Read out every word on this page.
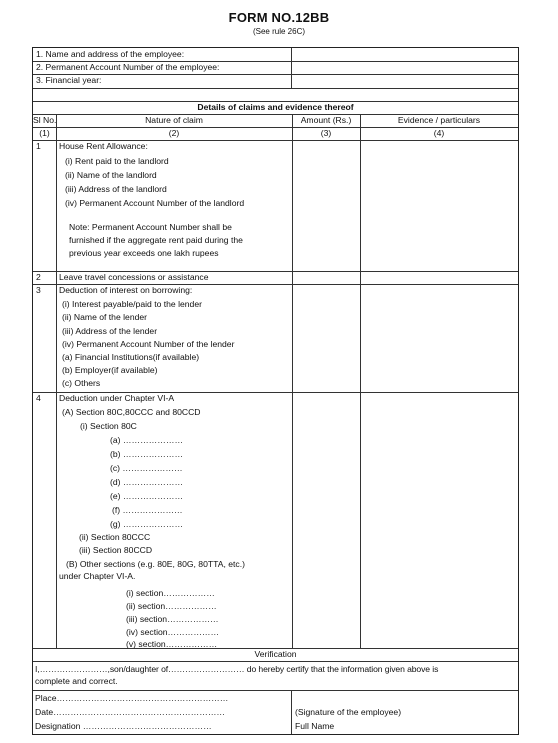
FORM NO.12BB
(See rule 26C)
1. Name and address of the employee:
2. Permanent Account Number of the employee:
3. Financial year:
Details of claims and evidence thereof
Sl No.	Nature of claim	Amount (Rs.)	Evidence / particulars
(1)	(2)	(3)	(4)
1 House Rent Allowance:
(i) Rent paid to the landlord
(ii) Name of the landlord
(iii) Address of the landlord
(iv) Permanent Account Number of the landlord
Note: Permanent Account Number shall be
furnished if the aggregate rent paid during the
previous year exceeds one lakh rupees
2 Leave travel concessions or assistance
3 Deduction of interest on borrowing:
(i) Interest payable/paid to the lender
(ii) Name of the lender
(iii) Address of the lender
(iv) Permanent Account Number of the lender
(a) Financial Institutions(if available)
(b) Employer(if available)
(c) Others
4 Deduction under Chapter VI-A
(A) Section 80C,80CCC and 80CCD
(i) Section 80C
(a) …………………
(b) …………………
(c) …………………
(d) …………………
(e) …………………
(f) …………………
(g) …………………
(ii) Section 80CCC
(iii) Section 80CCD
(B) Other sections (e.g. 80E, 80G, 80TTA, etc.)
under Chapter VI-A.
(i) section………………
(ii) section………………
(iii) section………………
(iv) section………………
(v) section………………
Verification
I,……………………,son/daughter of……………………… do hereby certify that the information given above is
complete and correct.
Place……………………………………………………
Date……………………………………………………
Designation ………………………………………
(Signature of the employee)
Full Name
